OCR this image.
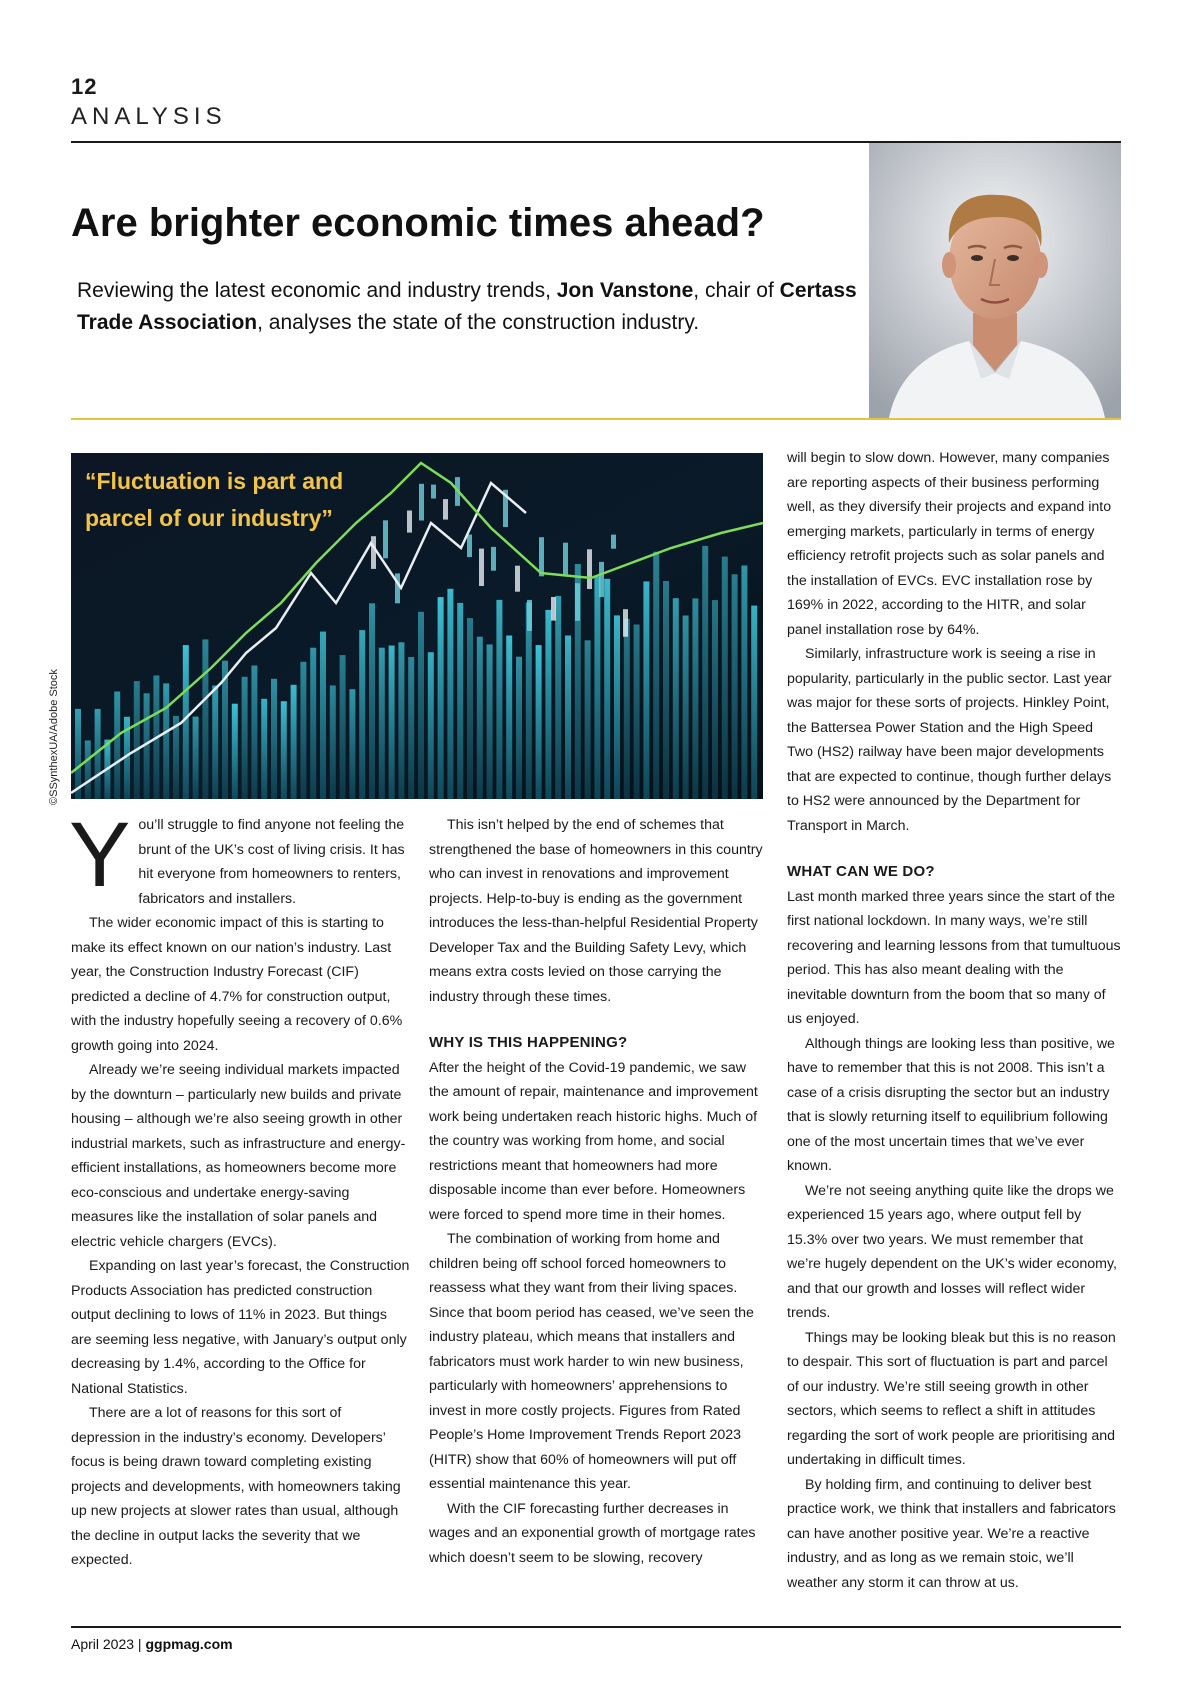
12
ANALYSIS
Are brighter economic times ahead?
Reviewing the latest economic and industry trends, Jon Vanstone, chair of Certass Trade Association, analyses the state of the construction industry.
“Fluctuation is part and parcel of our industry”
©SSynthexUA/Adobe Stock

You’ll struggle to find anyone not feeling the brunt of the UK’s cost of living crisis. It has hit everyone from homeowners to renters, fabricators and installers.

The wider economic impact of this is starting to make its effect known on our nation’s industry. Last year, the Construction Industry Forecast (CIF) predicted a decline of 4.7% for construction output, with the industry hopefully seeing a recovery of 0.6% growth going into 2024.

Already we’re seeing individual markets impacted by the downturn – particularly new builds and private housing – although we’re also seeing growth in other industrial markets, such as infrastructure and energy-efficient installations, as homeowners become more eco-conscious and undertake energy-saving measures like the installation of solar panels and electric vehicle chargers (EVCs).

Expanding on last year’s forecast, the Construction Products Association has predicted construction output declining to lows of 11% in 2023. But things are seeming less negative, with January’s output only decreasing by 1.4%, according to the Office for National Statistics.

There are a lot of reasons for this sort of depression in the industry’s economy. Developers’ focus is being drawn toward completing existing projects and developments, with homeowners taking up new projects at slower rates than usual, although the decline in output lacks the severity that we expected.

This isn’t helped by the end of schemes that strengthened the base of homeowners in this country who can invest in renovations and improvement projects. Help-to-buy is ending as the government introduces the less-than-helpful Residential Property Developer Tax and the Building Safety Levy, which means extra costs levied on those carrying the industry through these times.

WHY IS THIS HAPPENING?

After the height of the Covid-19 pandemic, we saw the amount of repair, maintenance and improvement work being undertaken reach historic highs. Much of the country was working from home, and social restrictions meant that homeowners had more disposable income than ever before. Homeowners were forced to spend more time in their homes.

The combination of working from home and children being off school forced homeowners to reassess what they want from their living spaces. Since that boom period has ceased, we’ve seen the industry plateau, which means that installers and fabricators must work harder to win new business, particularly with homeowners’ apprehensions to invest in more costly projects. Figures from Rated People’s Home Improvement Trends Report 2023 (HITR) show that 60% of homeowners will put off essential maintenance this year.

With the CIF forecasting further decreases in wages and an exponential growth of mortgage rates which doesn’t seem to be slowing, recovery

will begin to slow down. However, many companies are reporting aspects of their business performing well, as they diversify their projects and expand into emerging markets, particularly in terms of energy efficiency retrofit projects such as solar panels and the installation of EVCs. EVC installation rose by 169% in 2022, according to the HITR, and solar panel installation rose by 64%.

Similarly, infrastructure work is seeing a rise in popularity, particularly in the public sector. Last year was major for these sorts of projects. Hinkley Point, the Battersea Power Station and the High Speed Two (HS2) railway have been major developments that are expected to continue, though further delays to HS2 were announced by the Department for Transport in March.

WHAT CAN WE DO?

Last month marked three years since the start of the first national lockdown. In many ways, we’re still recovering and learning lessons from that tumultuous period. This has also meant dealing with the inevitable downturn from the boom that so many of us enjoyed.

Although things are looking less than positive, we have to remember that this is not 2008. This isn’t a case of a crisis disrupting the sector but an industry that is slowly returning itself to equilibrium following one of the most uncertain times that we’ve ever known.

We’re not seeing anything quite like the drops we experienced 15 years ago, where output fell by 15.3% over two years. We must remember that we’re hugely dependent on the UK’s wider economy, and that our growth and losses will reflect wider trends.

Things may be looking bleak but this is no reason to despair. This sort of fluctuation is part and parcel of our industry. We’re still seeing growth in other sectors, which seems to reflect a shift in attitudes regarding the sort of work people are prioritising and undertaking in difficult times.

By holding firm, and continuing to deliver best practice work, we think that installers and fabricators can have another positive year. We’re a reactive industry, and as long as we remain stoic, we’ll weather any storm it can throw at us.

April 2023 | ggpmag.com
